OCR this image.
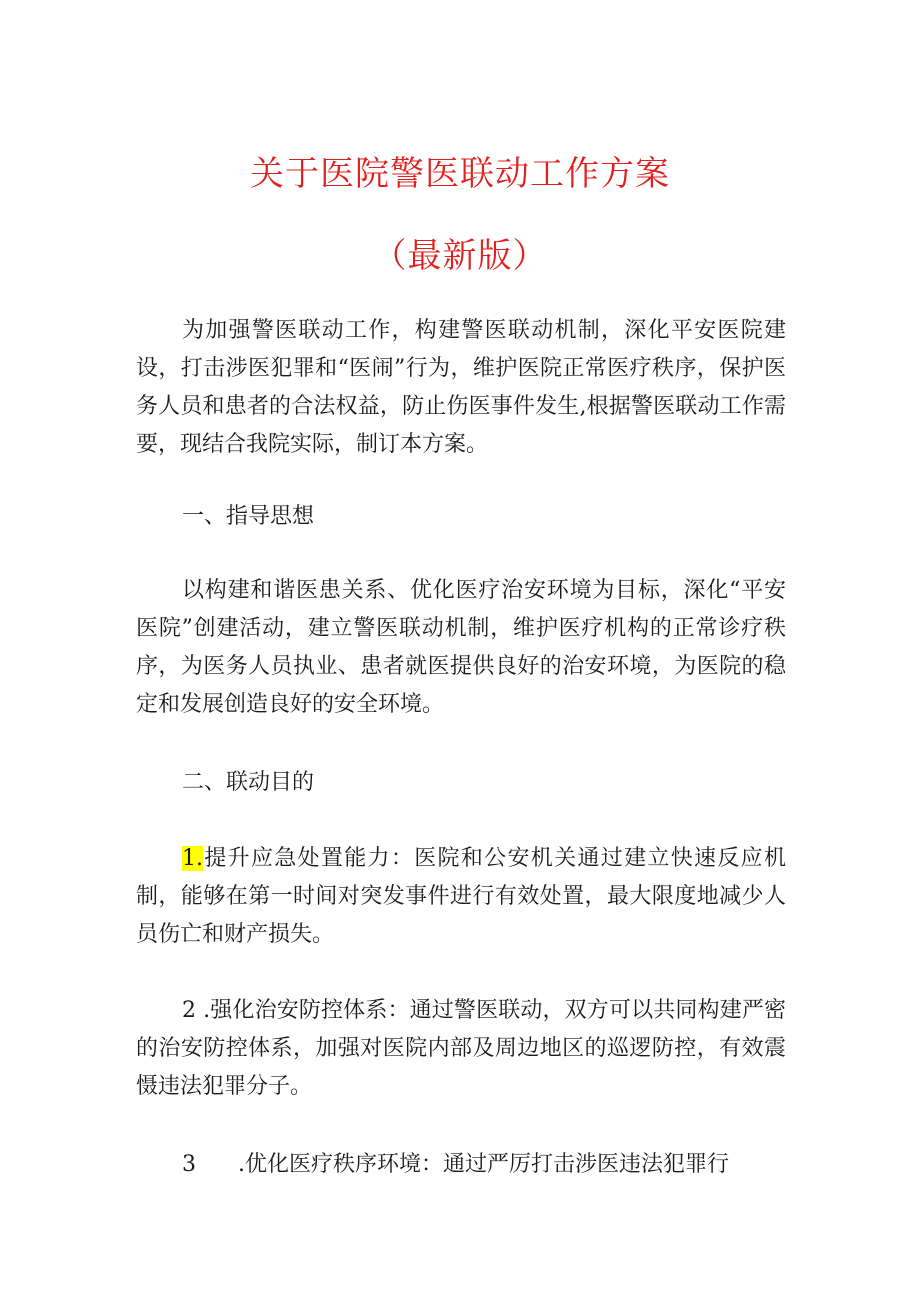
关于医院警医联动工作方案
（最新版）

为加强警医联动工作，构建警医联动机制，深化平安医院建设，打击涉医犯罪和“医闹”行为，维护医院正常医疗秩序，保护医务人员和患者的合法权益，防止伤医事件发生,根据警医联动工作需要，现结合我院实际，制订本方案。

一、指导思想

以构建和谐医患关系、优化医疗治安环境为目标，深化“平安医院”创建活动，建立警医联动机制，维护医疗机构的正常诊疗秩序，为医务人员执业、患者就医提供良好的治安环境，为医院的稳定和发展创造良好的安全环境。

二、联动目的

1.提升应急处置能力：医院和公安机关通过建立快速反应机制，能够在第一时间对突发事件进行有效处置，最大限度地减少人员伤亡和财产损失。

2 .强化治安防控体系：通过警医联动，双方可以共同构建严密的治安防控体系，加强对医院内部及周边地区的巡逻防控，有效震慑违法犯罪分子。

3      .优化医疗秩序环境：通过严厉打击涉医违法犯罪行
